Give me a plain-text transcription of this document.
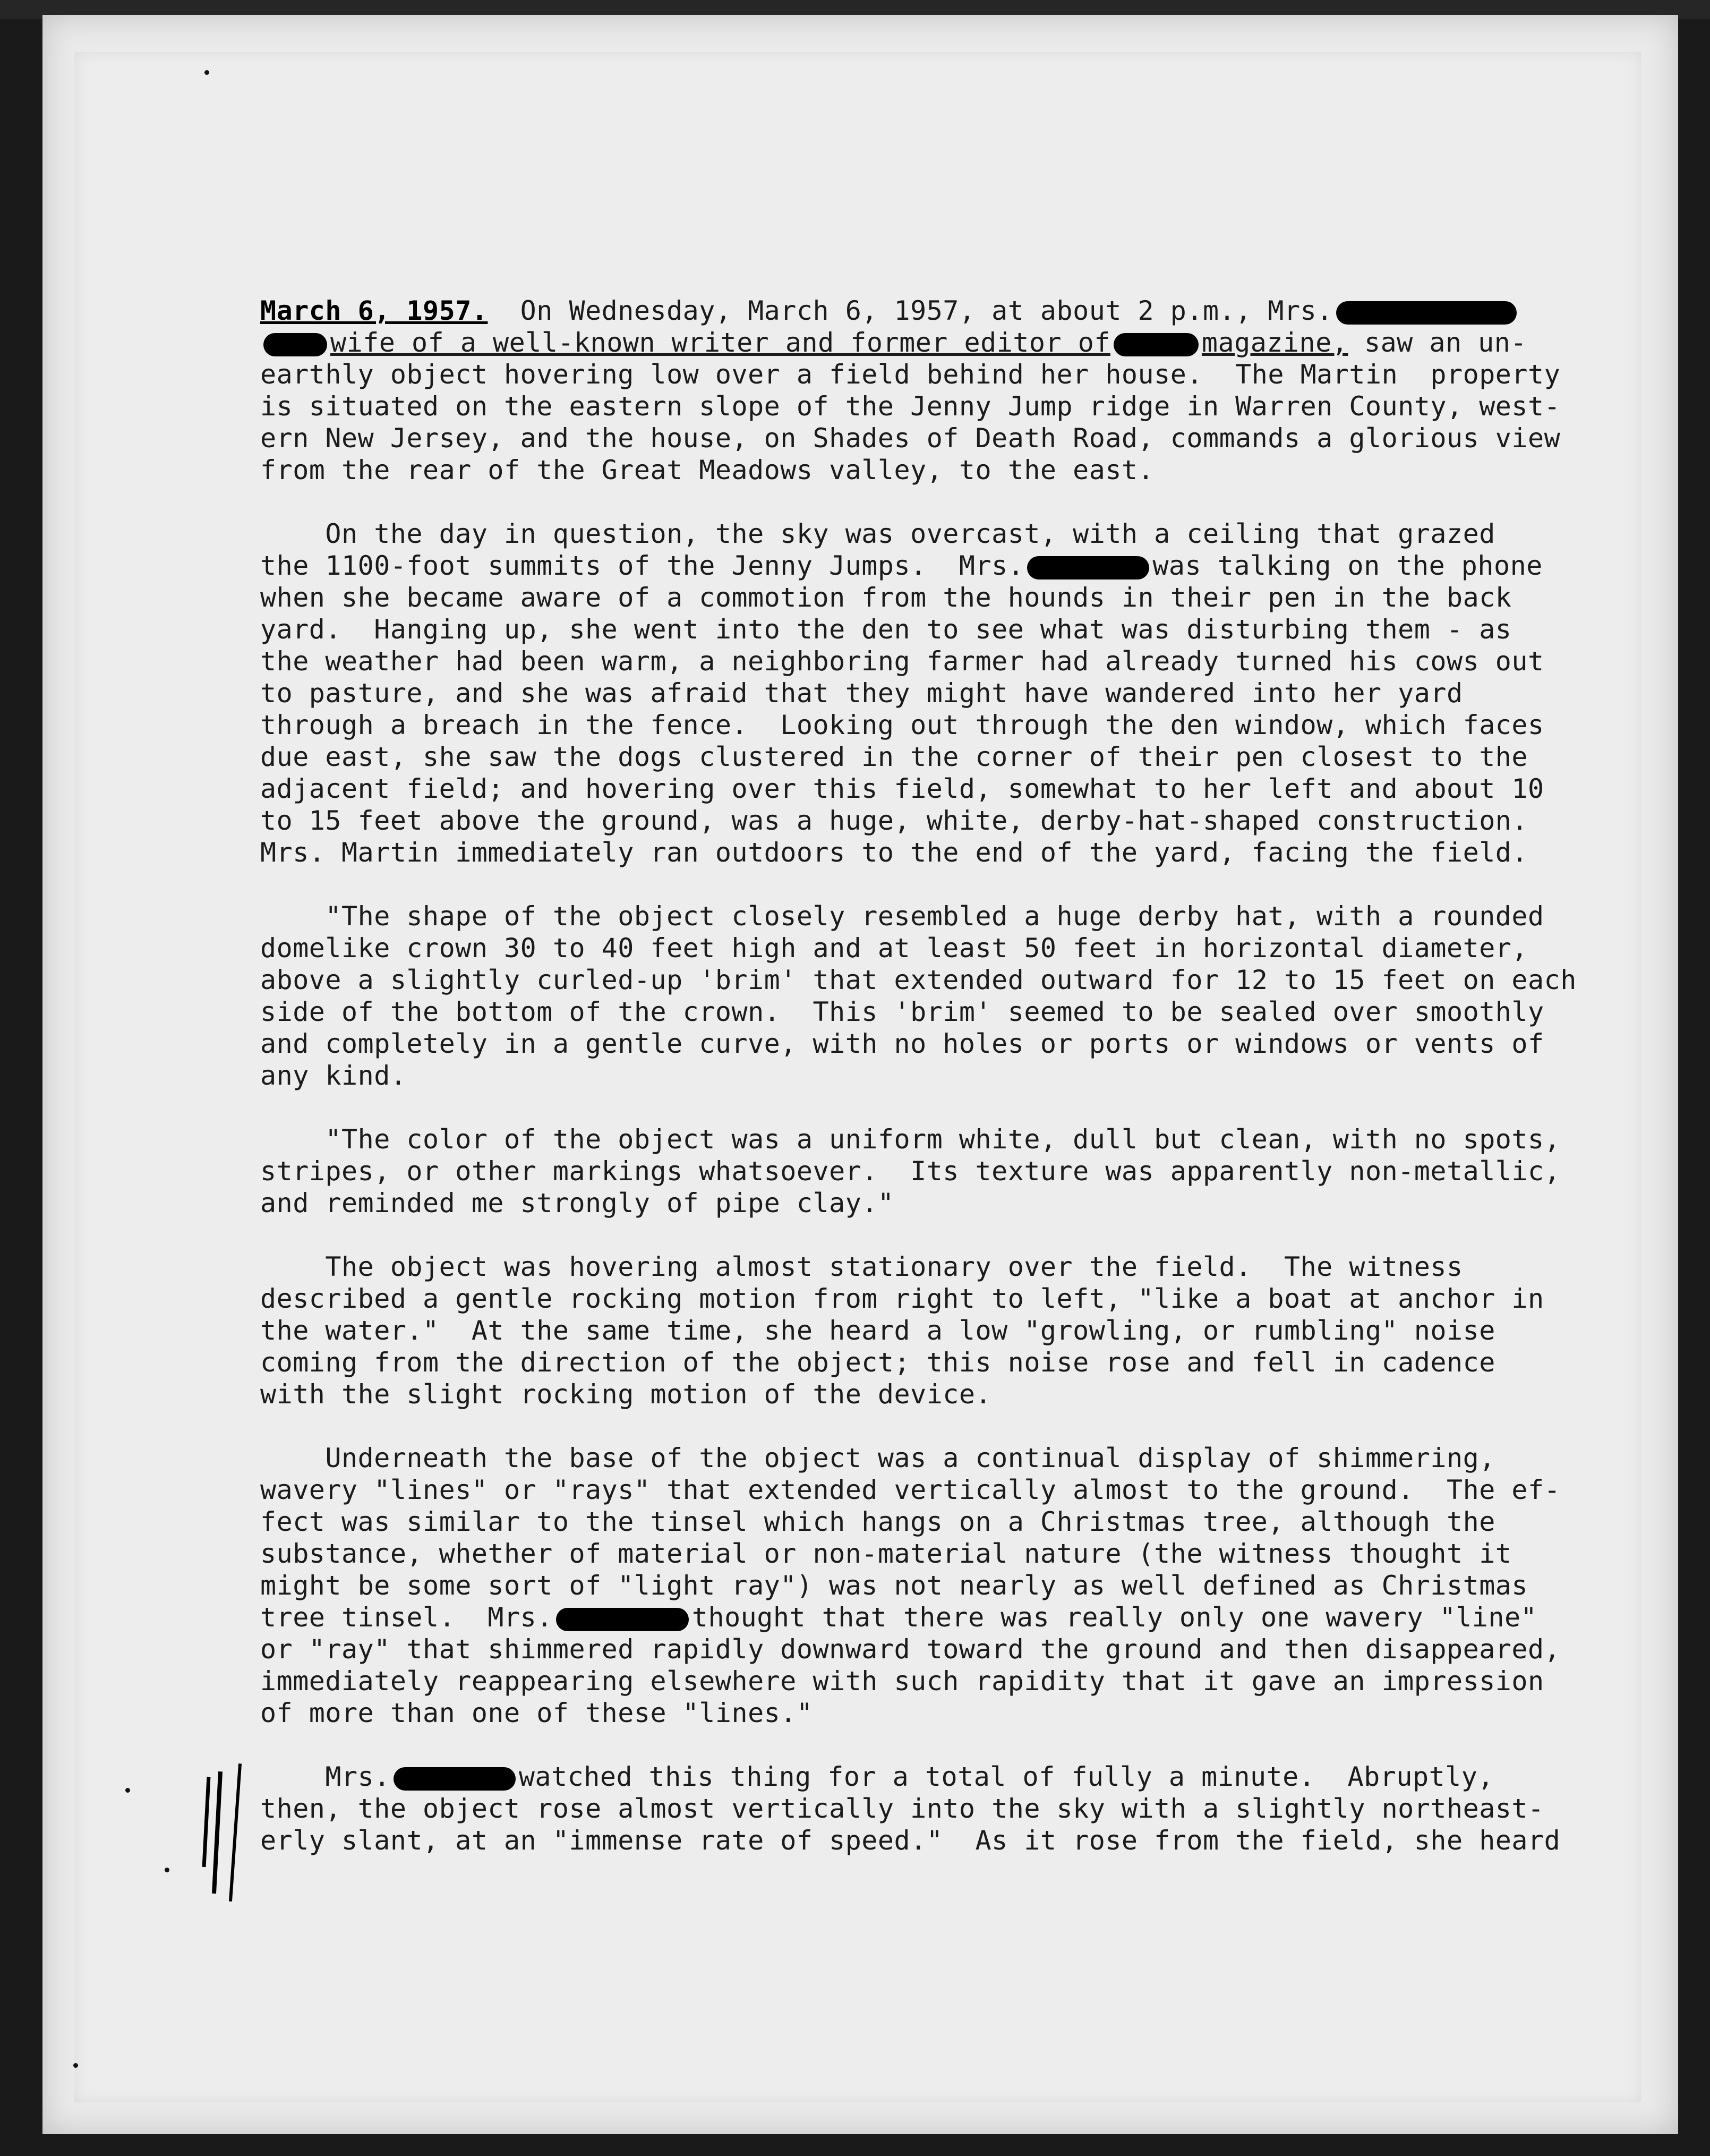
March 6, 1957.  On Wednesday, March 6, 1957, at about 2 p.m., Mrs.
wife of a well-known writer and former editor of	magazine, saw an un-
earthly object hovering low over a field behind her house.  The Martin  property
is situated on the eastern slope of the Jenny Jump ridge in Warren County, west-
ern New Jersey, and the house, on Shades of Death Road, commands a glorious view
from the rear of the Great Meadows valley, to the east.
On the day in question, the sky was overcast, with a ceiling that grazed
the 1100-foot summits of the Jenny Jumps.  Mrs.	was talking on the phone
when she became aware of a commotion from the hounds in their pen in the back
yard.  Hanging up, she went into the den to see what was disturbing them - as
the weather had been warm, a neighboring farmer had already turned his cows out
to pasture, and she was afraid that they might have wandered into her yard
through a breach in the fence.  Looking out through the den window, which faces
due east, she saw the dogs clustered in the corner of their pen closest to the
adjacent field; and hovering over this field, somewhat to her left and about 10
to 15 feet above the ground, was a huge, white, derby-hat-shaped construction.
Mrs. Martin immediately ran outdoors to the end of the yard, facing the field.
"The shape of the object closely resembled a huge derby hat, with a rounded
domelike crown 30 to 40 feet high and at least 50 feet in horizontal diameter,
above a slightly curled-up 'brim' that extended outward for 12 to 15 feet on each
side of the bottom of the crown.  This 'brim' seemed to be sealed over smoothly
and completely in a gentle curve, with no holes or ports or windows or vents of
any kind.
"The color of the object was a uniform white, dull but clean, with no spots,
stripes, or other markings whatsoever.  Its texture was apparently non-metallic,
and reminded me strongly of pipe clay."
The object was hovering almost stationary over the field.  The witness
described a gentle rocking motion from right to left, "like a boat at anchor in
the water."  At the same time, she heard a low "growling, or rumbling" noise
coming from the direction of the object; this noise rose and fell in cadence
with the slight rocking motion of the device.
Underneath the base of the object was a continual display of shimmering,
wavery "lines" or "rays" that extended vertically almost to the ground.  The ef-
fect was similar to the tinsel which hangs on a Christmas tree, although the
substance, whether of material or non-material nature (the witness thought it
might be some sort of "light ray") was not nearly as well defined as Christmas
tree tinsel.  Mrs.	thought that there was really only one wavery "line"
or "ray" that shimmered rapidly downward toward the ground and then disappeared,
immediately reappearing elsewhere with such rapidity that it gave an impression
of more than one of these "lines."
Mrs.	watched this thing for a total of fully a minute.  Abruptly,
then, the object rose almost vertically into the sky with a slightly northeast-
erly slant, at an "immense rate of speed."  As it rose from the field, she heard
